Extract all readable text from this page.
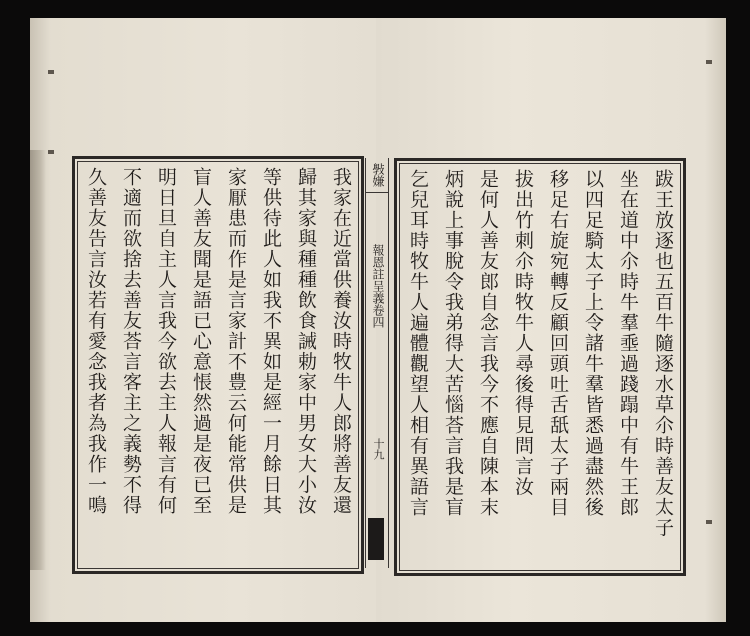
跋王放逐也五百牛隨逐水草尒時善友太子
坐在道中尒時牛羣埀過踐蹋中有牛王郎
以四足騎太子上令諸牛羣皆悉過盡然後
移足右旋宛轉反顧回頭吐舌舐太子兩目
拔出竹刺尒時牧牛人尋後得見問言汝
是何人善友郎自念言我今不應自陳本末
炳說上事脫令我弟得大苦惱荅言我是盲
乞兒耳時牧牛人遍體觀望人相有異語言
斅嫌
報恩註呈義卷四
十九
我家在近當供養汝時牧牛人郎將善友還
歸其家與種種飲食誡勅家中男女大小汝
等供待此人如我不異如是經一月餘日其
家厭患而作是言家計不豊云何能常供是
盲人善友聞是語已心意悵然過是夜已至
明日旦自主人言我今欲去主人報言有何
不適而欲捨去善友荅言客主之義勢不得
久善友告言汝若有愛念我者為我作一鳴
